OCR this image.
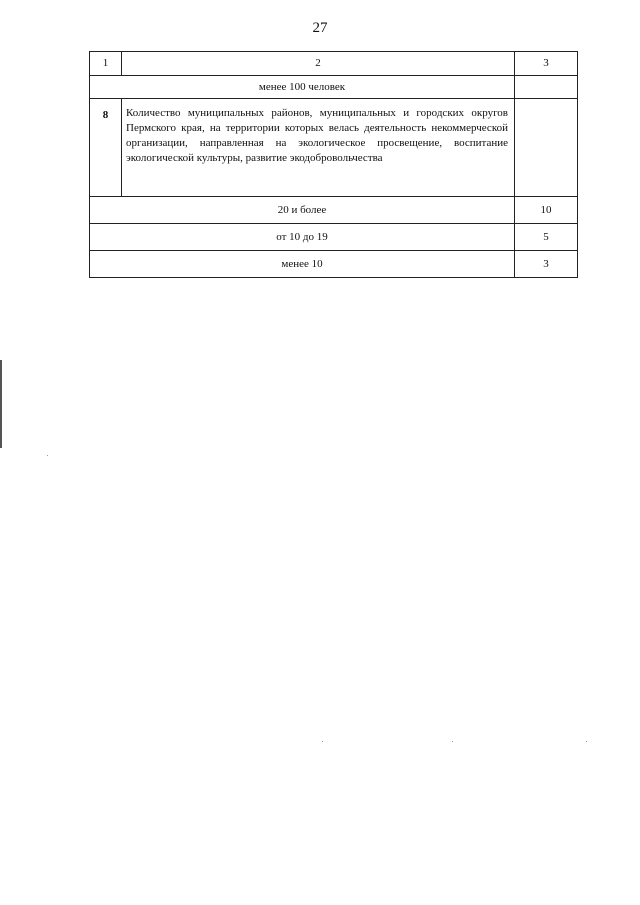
27
1	2	3
менее 100 человек		
8	Количество муниципальных районов, муниципальных и городских округов Пермского края, на территории которых велась деятельность некоммерческой организации, направленная на экологическое просвещение, воспитание экологической культуры, развитие экодобровольчества	
20 и более		10
от 10 до 19		5
менее 10		3
